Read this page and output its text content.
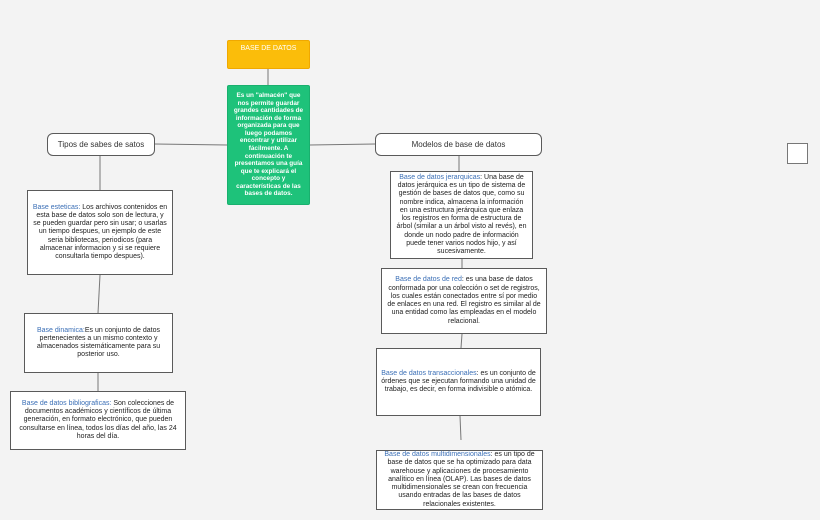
BASE DE DATOS
Es un "almacén" que nos permite guardar grandes cantidades de información de forma organizada para que luego podamos encontrar y utilizar fácilmente. A continuación te presentamos una guía que te explicará el concepto y características de las bases de datos.
Tipos de sabes de satos	Modelos de base de datos
Base esteticas: Los archivos contenidos en esta base de datos solo son de lectura, y se pueden guardar pero sin usar; o usarlas un tiempo despues, un ejemplo de este seria bibliotecas, periodicos (para almacenar informacion y si se requiere consultarla tiempo despues).
Base dinamica:Es un conjunto de datos pertenecientes a un mismo contexto y almacenados sistemáticamente para su posterior uso.
Base de datos bibliograficas: Son colecciones de documentos académicos y científicos de última generación, en formato electrónico, que pueden consultarse en línea, todos los días del año, las 24 horas del día.
Base de datos jerarquicas: Una base de datos jerárquica es un tipo de sistema de gestión de bases de datos que, como su nombre indica, almacena la información en una estructura jerárquica que enlaza los registros en forma de estructura de árbol (similar a un árbol visto al revés), en donde un nodo padre de información puede tener varios nodos hijo, y así sucesivamente.
Base de datos de red: es una base de datos conformada por una colección o set de registros, los cuales están conectados entre sí por medio de enlaces en una red. El registro es similar al de una entidad como las empleadas en el modelo relacional.
Base de datos transaccionales: es un conjunto de órdenes que se ejecutan formando una unidad de trabajo, es decir, en forma indivisible o atómica.
Base de datos multidimensionales: es un tipo de base de datos que se ha optimizado para data warehouse y aplicaciones de procesamiento analítico en línea (OLAP). Las bases de datos multidimensionales se crean con frecuencia usando entradas de las bases de datos relacionales existentes.
